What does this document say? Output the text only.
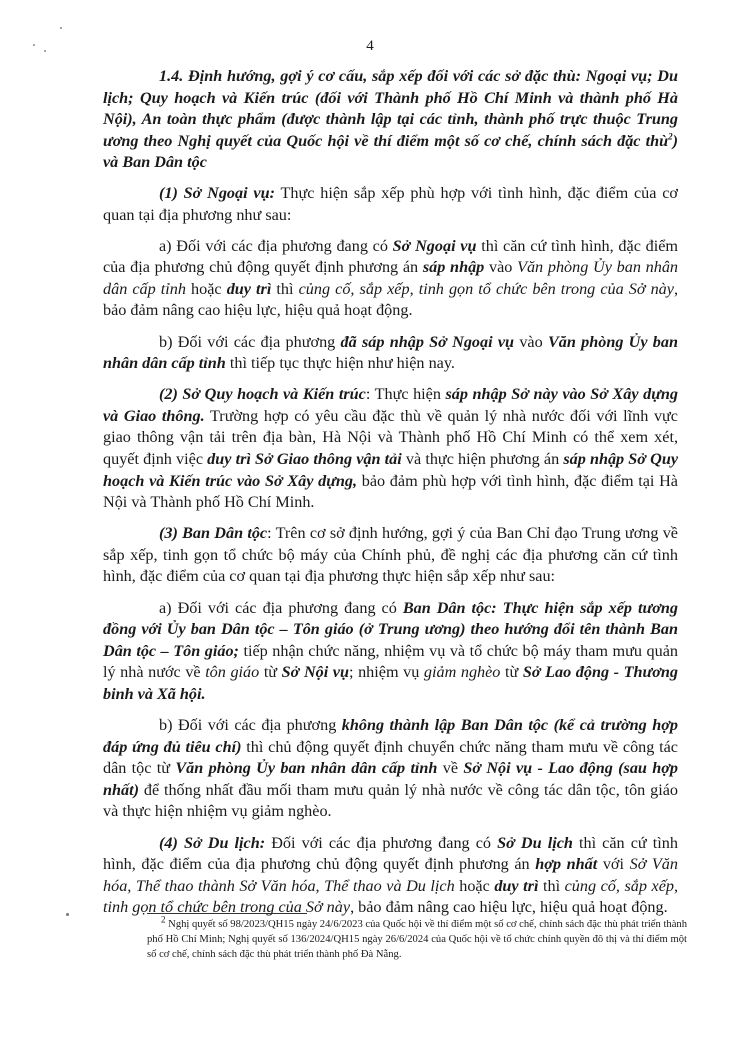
4

1.4. Định hướng, gợi ý cơ cấu, sắp xếp đối với các sở đặc thù: Ngoại vụ; Du lịch; Quy hoạch và Kiến trúc (đối với Thành phố Hồ Chí Minh và thành phố Hà Nội), An toàn thực phẩm (được thành lập tại các tỉnh, thành phố trực thuộc Trung ương theo Nghị quyết của Quốc hội về thí điểm một số cơ chế, chính sách đặc thù$^2$) và Ban Dân tộc

(1) Sở Ngoại vụ: Thực hiện sắp xếp phù hợp với tình hình, đặc điểm của cơ quan tại địa phương như sau:

a) Đối với các địa phương đang có Sở Ngoại vụ thì căn cứ tình hình, đặc điểm của địa phương chủ động quyết định phương án sáp nhập vào Văn phòng Ủy ban nhân dân cấp tỉnh hoặc duy trì thì củng cố, sắp xếp, tinh gọn tổ chức bên trong của Sở này, bảo đảm nâng cao hiệu lực, hiệu quả hoạt động.

b) Đối với các địa phương đã sáp nhập Sở Ngoại vụ vào Văn phòng Ủy ban nhân dân cấp tỉnh thì tiếp tục thực hiện như hiện nay.

(2) Sở Quy hoạch và Kiến trúc: Thực hiện sáp nhập Sở này vào Sở Xây dựng và Giao thông. Trường hợp có yêu cầu đặc thù về quản lý nhà nước đối với lĩnh vực giao thông vận tải trên địa bàn, Hà Nội và Thành phố Hồ Chí Minh có thể xem xét, quyết định việc duy trì Sở Giao thông vận tải và thực hiện phương án sáp nhập Sở Quy hoạch và Kiến trúc vào Sở Xây dựng, bảo đảm phù hợp với tình hình, đặc điểm tại Hà Nội và Thành phố Hồ Chí Minh.

(3) Ban Dân tộc: Trên cơ sở định hướng, gợi ý của Ban Chỉ đạo Trung ương về sắp xếp, tinh gọn tổ chức bộ máy của Chính phủ, đề nghị các địa phương căn cứ tình hình, đặc điểm của cơ quan tại địa phương thực hiện sắp xếp như sau:

a) Đối với các địa phương đang có Ban Dân tộc: Thực hiện sắp xếp tương đồng với Ủy ban Dân tộc – Tôn giáo (ở Trung ương) theo hướng đổi tên thành Ban Dân tộc – Tôn giáo; tiếp nhận chức năng, nhiệm vụ và tổ chức bộ máy tham mưu quản lý nhà nước về tôn giáo từ Sở Nội vụ; nhiệm vụ giảm nghèo từ Sở Lao động - Thương binh và Xã hội.

b) Đối với các địa phương không thành lập Ban Dân tộc (kể cả trường hợp đáp ứng đủ tiêu chí) thì chủ động quyết định chuyển chức năng tham mưu về công tác dân tộc từ Văn phòng Ủy ban nhân dân cấp tỉnh về Sở Nội vụ - Lao động (sau hợp nhất) để thống nhất đầu mối tham mưu quản lý nhà nước về công tác dân tộc, tôn giáo và thực hiện nhiệm vụ giảm nghèo.

(4) Sở Du lịch: Đối với các địa phương đang có Sở Du lịch thì căn cứ tình hình, đặc điểm của địa phương chủ động quyết định phương án hợp nhất với Sở Văn hóa, Thể thao thành Sở Văn hóa, Thể thao và Du lịch hoặc duy trì thì củng cố, sắp xếp, tinh gọn tổ chức bên trong của Sở này, bảo đảm nâng cao hiệu lực, hiệu quả hoạt động.

$^2$ Nghị quyết số 98/2023/QH15 ngày 24/6/2023 của Quốc hội về thí điểm một số cơ chế, chính sách đặc thù phát triển thành phố Hồ Chí Minh; Nghị quyết số 136/2024/QH15 ngày 26/6/2024 của Quốc hội về tổ chức chính quyền đô thị và thí điểm một số cơ chế, chính sách đặc thù phát triển thành phố Đà Nẵng.
